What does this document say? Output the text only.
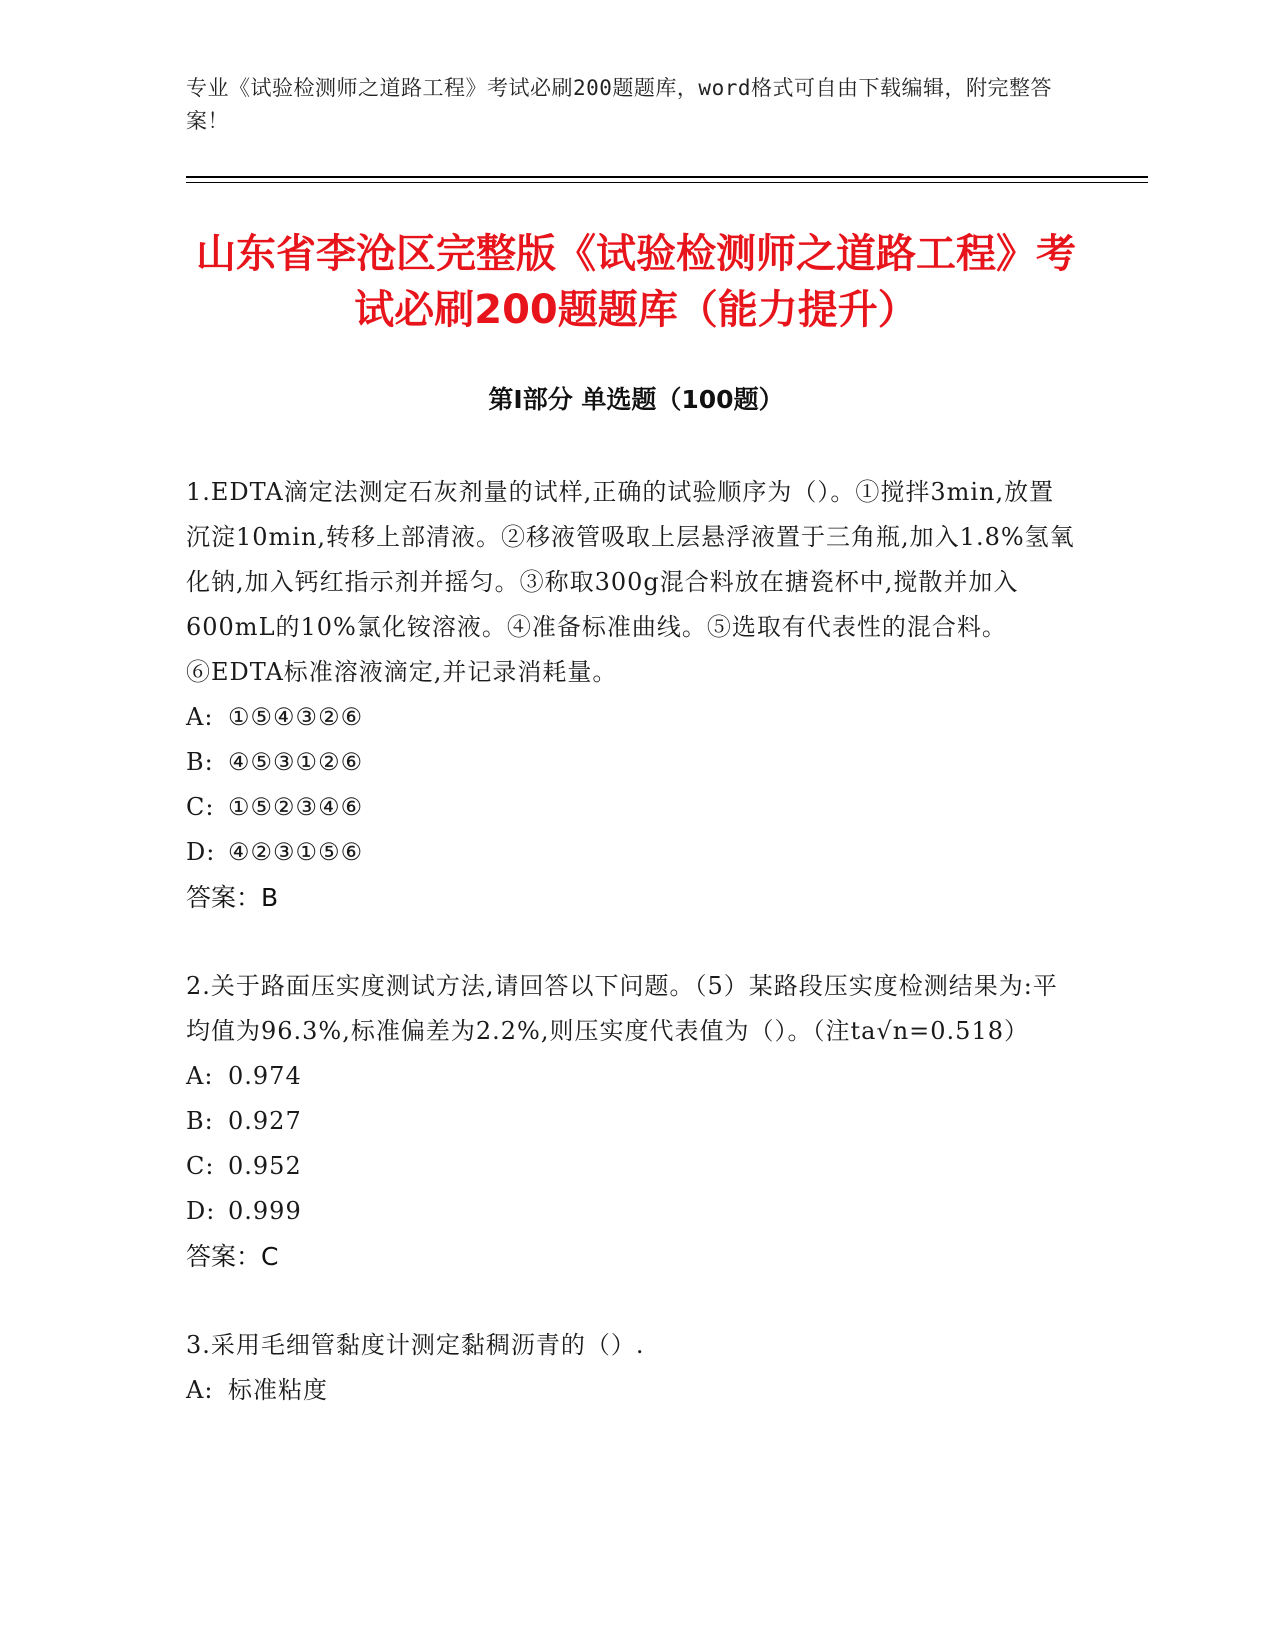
专业《试验检测师之道路工程》考试必刷200题题库，word格式可自由下载编辑，附完整答案！
山东省李沧区完整版《试验检测师之道路工程》考试必刷200题题库（能力提升）
第Ⅰ部分 单选题（100题）

1.EDTA滴定法测定石灰剂量的试样,正确的试验顺序为（）。①搅拌3min,放置沉淀10min,转移上部清液。②移液管吸取上层悬浮液置于三角瓶,加入1.8%氢氧化钠,加入钙红指示剂并摇匀。③称取300g混合料放在搪瓷杯中,搅散并加入600mL的10%氯化铵溶液。④准备标准曲线。⑤选取有代表性的混合料。⑥EDTA标准溶液滴定,并记录消耗量。

A: ①⑤④③②⑥

B: ④⑤③①②⑥

C: ①⑤②③④⑥

D: ④②③①⑤⑥

答案：B

2.关于路面压实度测试方法,请回答以下问题。（5）某路段压实度检测结果为:平均值为96.3%,标准偏差为2.2%,则压实度代表值为（）。（注ta√n=0.518）

A: 0.974

B: 0.927

C: 0.952

D: 0.999

答案：C

3.采用毛细管黏度计测定黏稠沥青的（）.

A: 标准粘度
